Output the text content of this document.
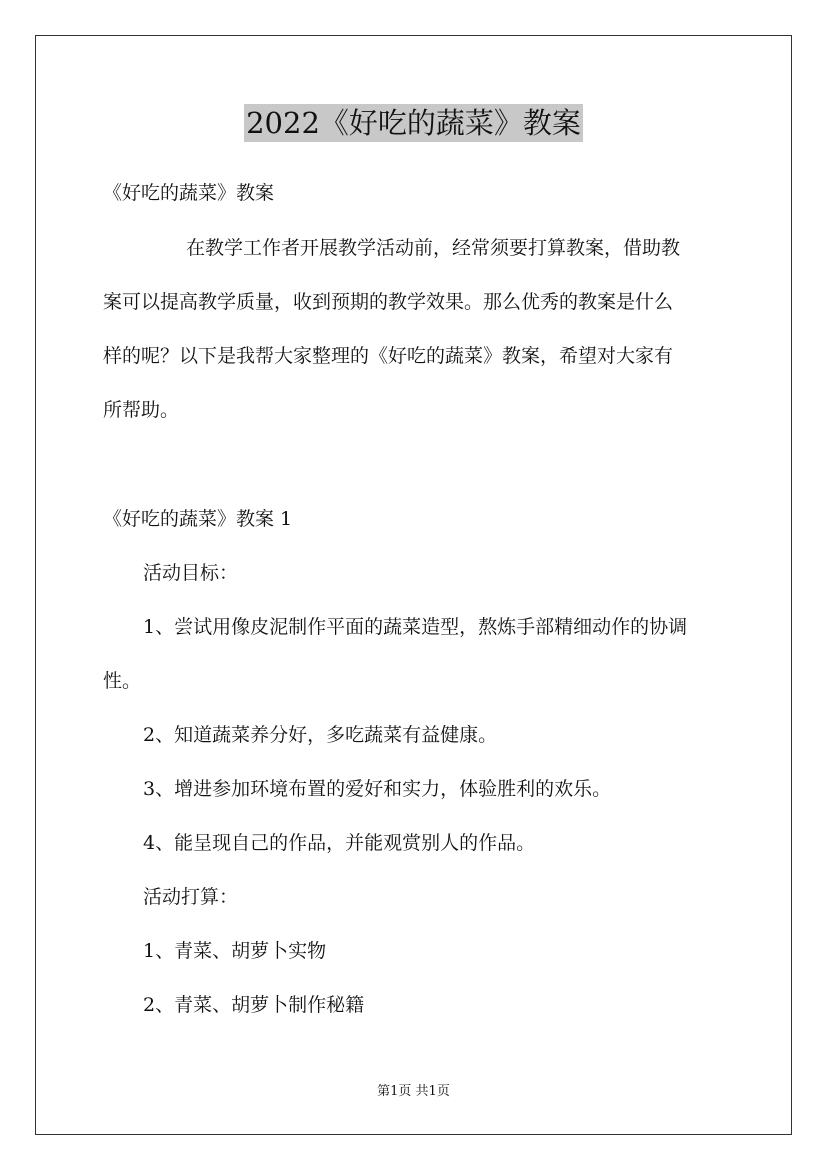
2022《好吃的蔬菜》教案
《好吃的蔬菜》教案
在教学工作者开展教学活动前，经常须要打算教案，借助教
案可以提高教学质量，收到预期的教学效果。那么优秀的教案是什么
样的呢？以下是我帮大家整理的《好吃的蔬菜》教案，希望对大家有
所帮助。
《好吃的蔬菜》教案 1
活动目标：
1、尝试用像皮泥制作平面的蔬菜造型，熬炼手部精细动作的协调
性。
2、知道蔬菜养分好，多吃蔬菜有益健康。
3、增进参加环境布置的爱好和实力，体验胜利的欢乐。
4、能呈现自己的作品，并能观赏别人的作品。
活动打算：
1、青菜、胡萝卜实物
2、青菜、胡萝卜制作秘籍
第1页 共1页
